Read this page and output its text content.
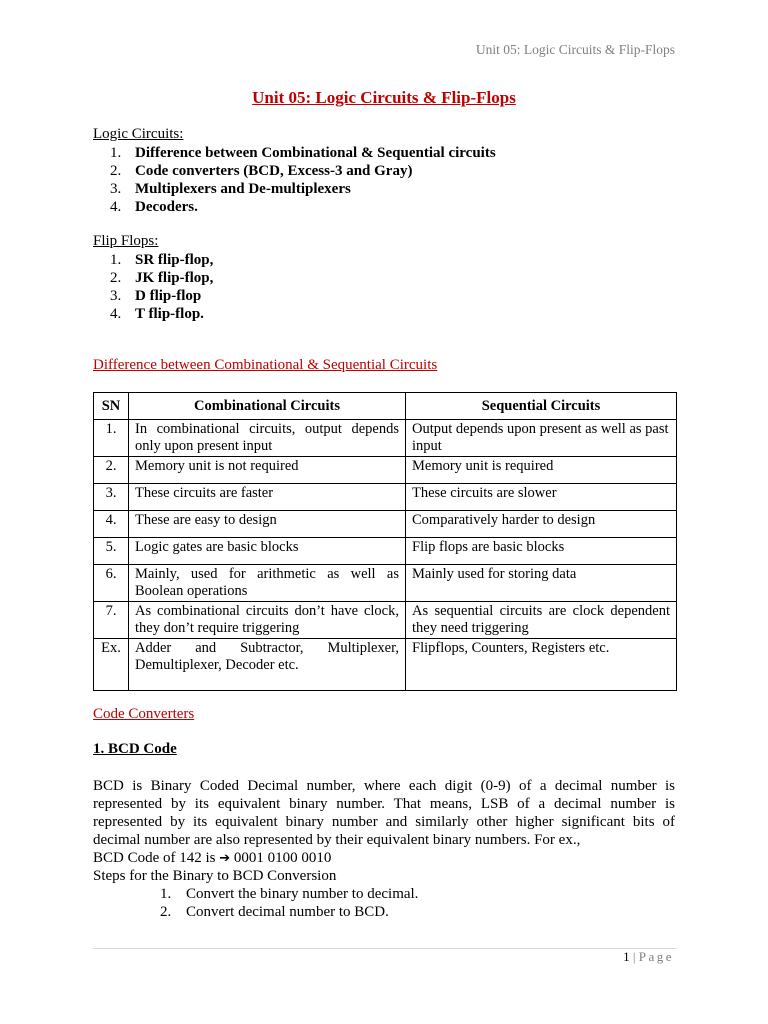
Unit 05: Logic Circuits & Flip-Flops
Unit 05: Logic Circuits & Flip-Flops
Logic Circuits:
1. Difference between Combinational & Sequential circuits
2. Code converters (BCD, Excess-3 and Gray)
3. Multiplexers and De-multiplexers
4. Decoders.
Flip Flops:
1. SR flip-flop,
2. JK flip-flop,
3. D flip-flop
4. T flip-flop.
Difference between Combinational & Sequential Circuits
SN	Combinational Circuits	Sequential Circuits
1.	In combinational circuits, output depends only upon present input	Output depends upon present as well as past input
2.	Memory unit is not required	Memory unit is required
3.	These circuits are faster	These circuits are slower
4.	These are easy to design	Comparatively harder to design
5.	Logic gates are basic blocks	Flip flops are basic blocks
6.	Mainly, used for arithmetic as well as Boolean operations	Mainly used for storing data
7.	As combinational circuits don’t have clock, they don’t require triggering	As sequential circuits are clock dependent they need triggering
Ex.	Adder and Subtractor, Multiplexer, Demultiplexer, Decoder etc.	Flipflops, Counters, Registers etc.
Code Converters
1. BCD Code

BCD is Binary Coded Decimal number, where each digit (0-9) of a decimal number is represented by its equivalent binary number. That means, LSB of a decimal number is represented by its equivalent binary number and similarly other higher significant bits of decimal number are also represented by their equivalent binary numbers. For ex.,

BCD Code of 142 is ➔ 0001 0100 0010
Steps for the Binary to BCD Conversion
1. Convert the binary number to decimal.
2. Convert decimal number to BCD.
1 | Page
